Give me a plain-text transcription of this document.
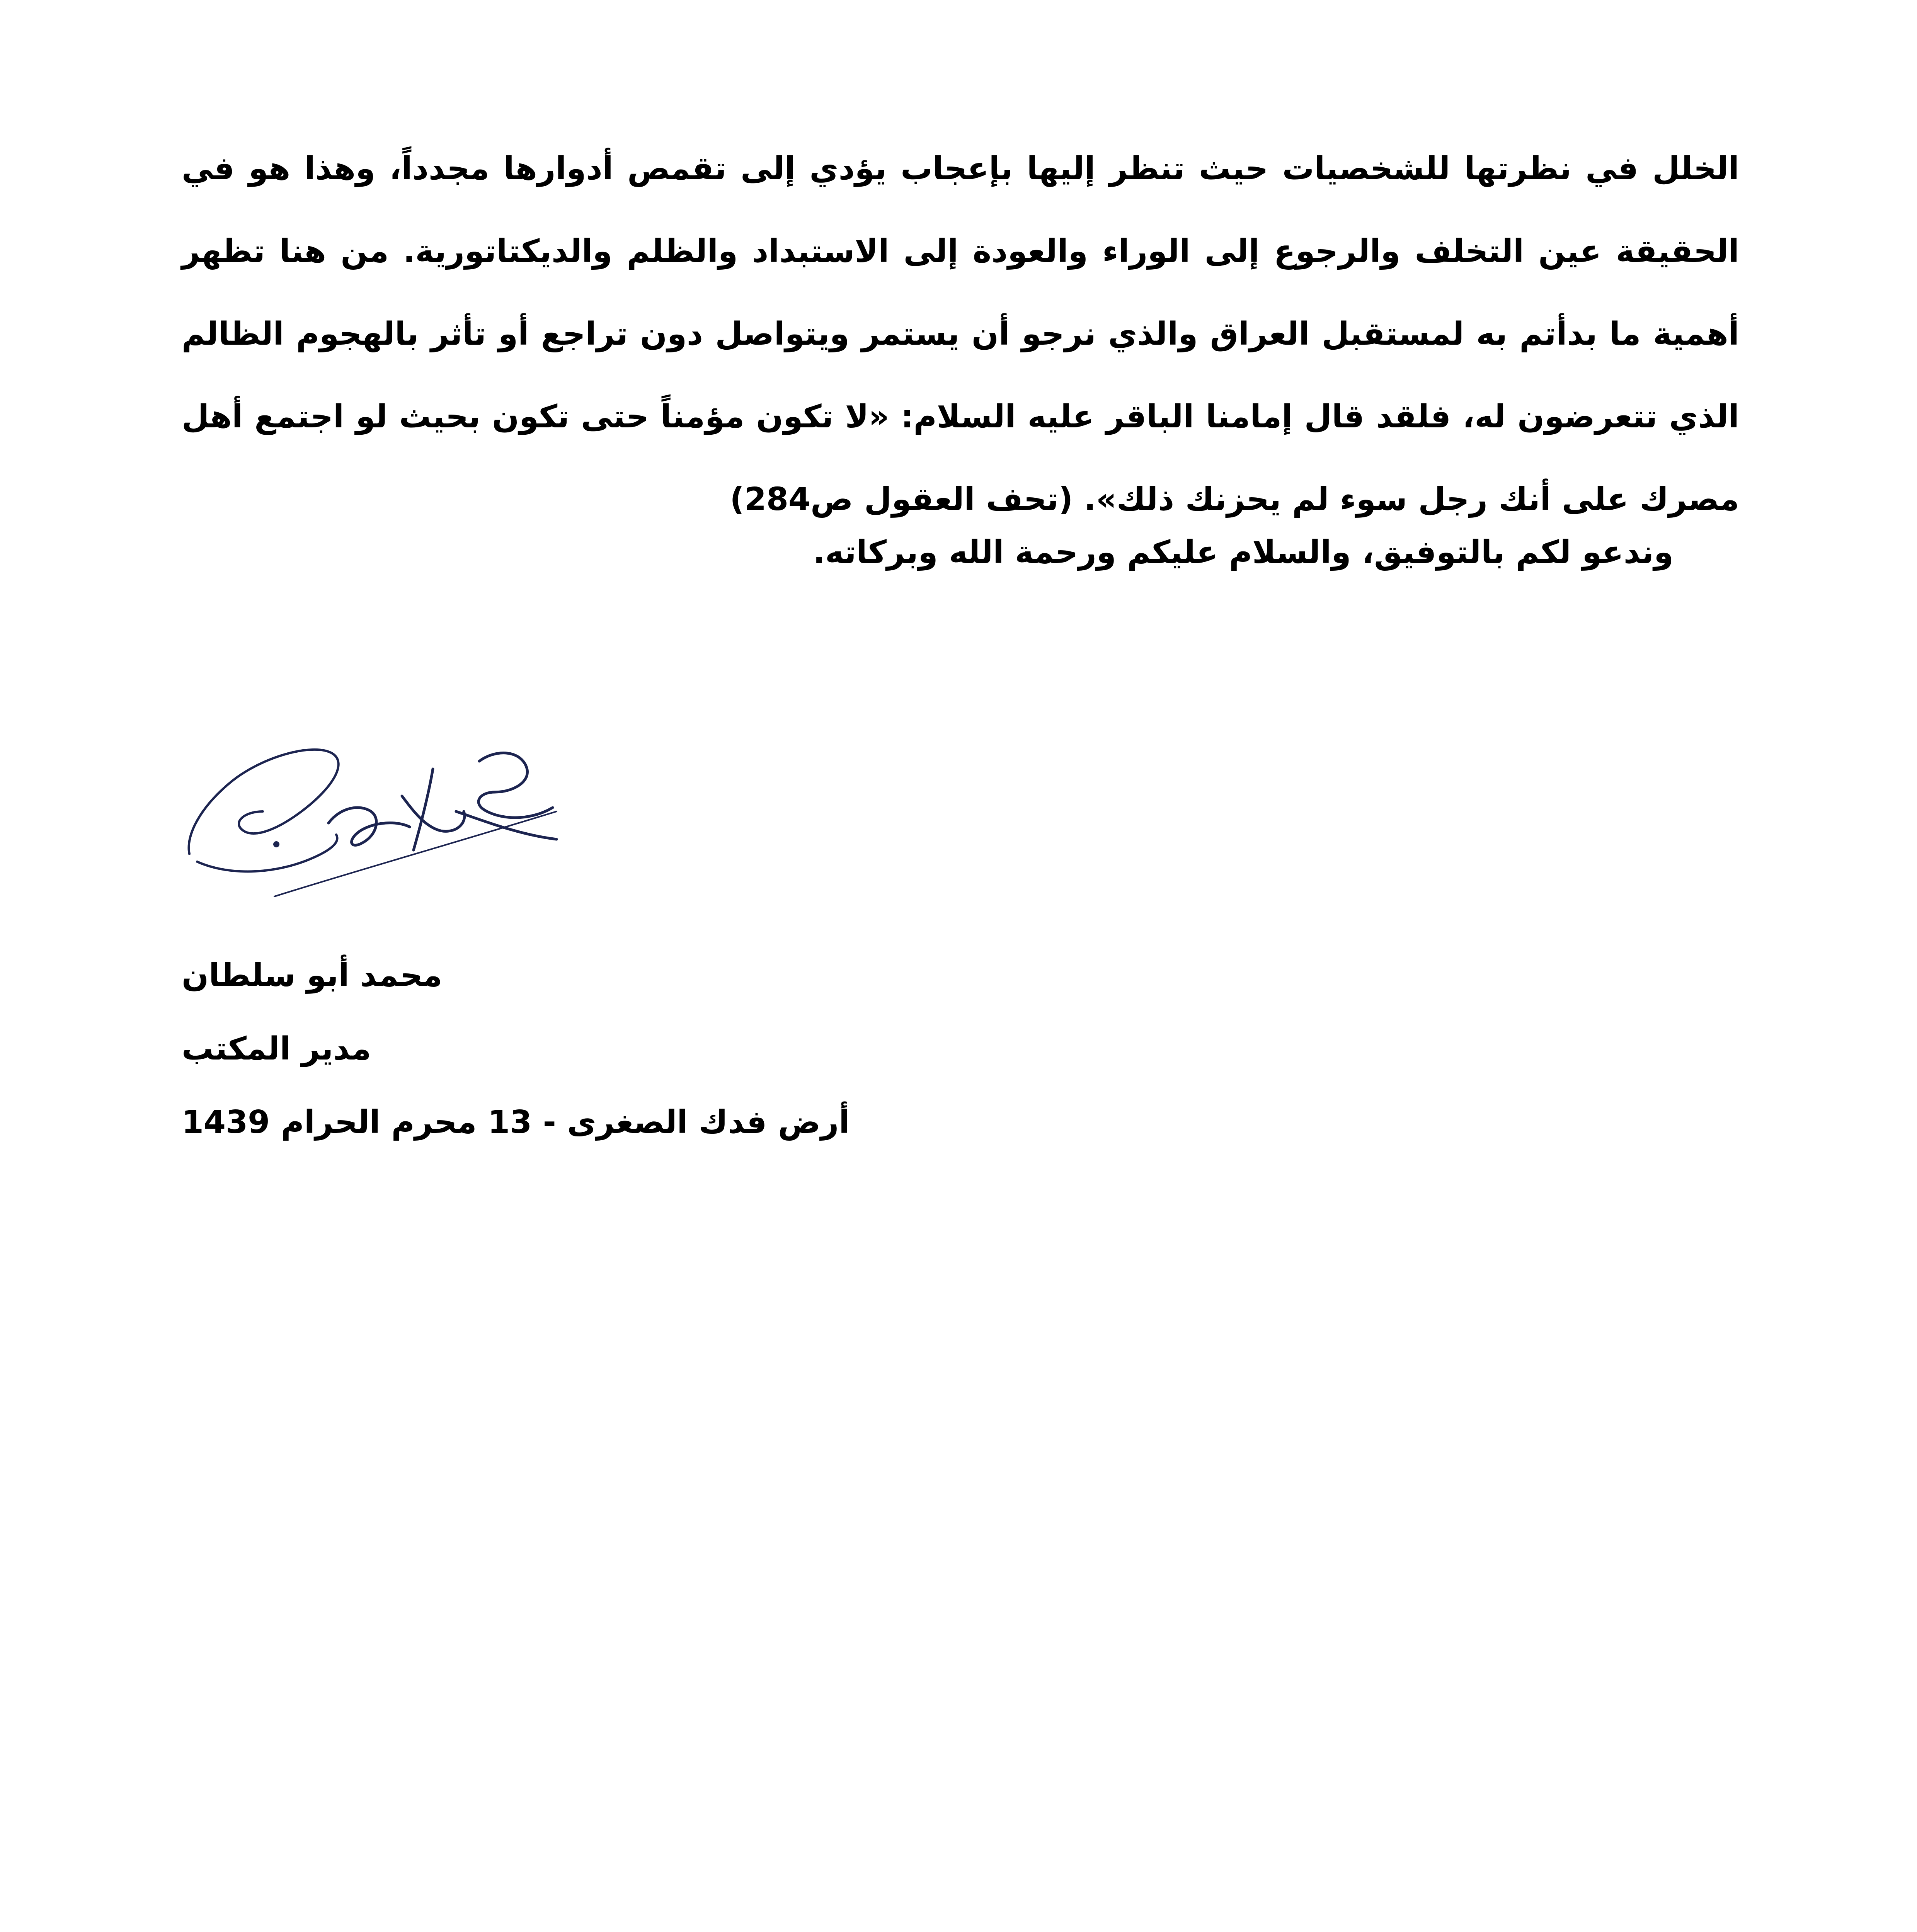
الخلل في نظرتها للشخصيات حيث تنظر إليها بإعجاب يؤدي إلى تقمص أدوارها مجدداً، وهذا هو في الحقيقة عين التخلف والرجوع إلى الوراء والعودة إلى الاستبداد والظلم والديكتاتورية. من هنا تظهر أهمية ما بدأتم به لمستقبل العراق والذي نرجو أن يستمر ويتواصل دون تراجع أو تأثر بالهجوم الظالم الذي تتعرضون له، فلقد قال إمامنا الباقر عليه السلام: «لا تكون مؤمناً حتى تكون بحيث لو اجتمع أهل مصرك على أنك رجل سوء لم يحزنك ذلك». (تحف العقول ص284)

وندعو لكم بالتوفيق، والسلام عليكم ورحمة الله وبركاته.
محمد أبو سلطان
مدير المكتب
أرض فدك الصغرى - 13 محرم الحرام 1439
